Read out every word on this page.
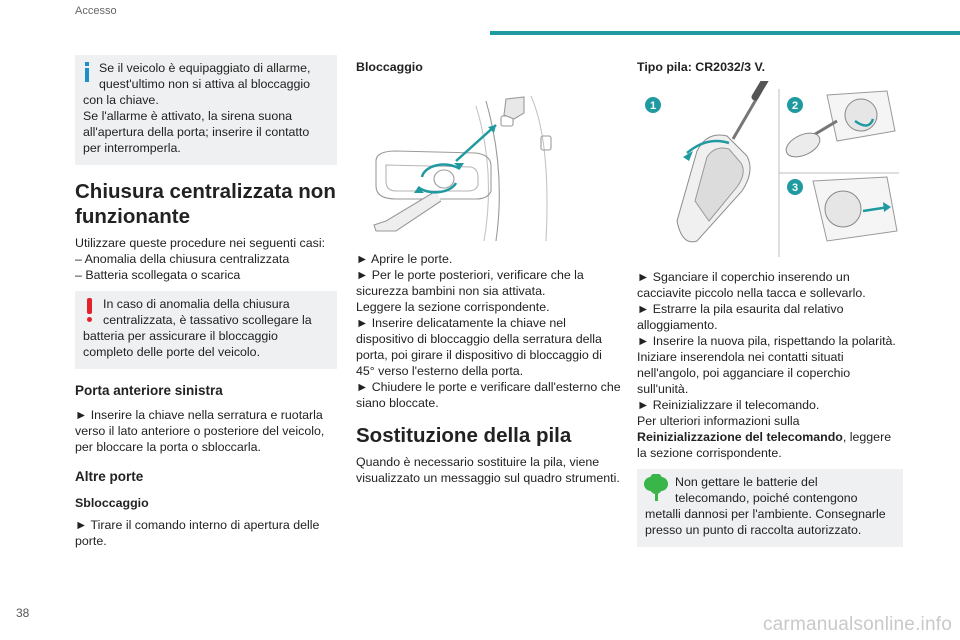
Accesso
Se il veicolo è equipaggiato di allarme, quest'ultimo non si attiva al bloccaggio con la chiave.
Se l'allarme è attivato, la sirena suona all'apertura della porta; inserire il contatto per interromperla.
Chiusura centralizzata non funzionante

Utilizzare queste procedure nei seguenti casi:
– Anomalia della chiusura centralizzata
– Batteria scollegata o scarica

In caso di anomalia della chiusura centralizzata, è tassativo scollegare la batteria per assicurare il bloccaggio completo delle porte del veicolo.
Porta anteriore sinistra

► Inserire la chiave nella serratura e ruotarla verso il lato anteriore o posteriore del veicolo, per bloccare la porta o sbloccarla.

Altre porte
Sbloccaggio

► Tirare il comando interno di apertura delle porte.

Bloccaggio

► Aprire le porte.
► Per le porte posteriori, verificare che la sicurezza bambini non sia attivata.
Leggere la sezione corrispondente.
► Inserire delicatamente la chiave nel dispositivo di bloccaggio della serratura della porta, poi girare il dispositivo di bloccaggio di 45° verso l'esterno della porta.
► Chiudere le porte e verificare dall'esterno che siano bloccate.

Sostituzione della pila

Quando è necessario sostituire la pila, viene visualizzato un messaggio sul quadro strumenti.

Tipo pila: CR2032/3 V.
1	2
3

► Sganciare il coperchio inserendo un cacciavite piccolo nella tacca e sollevarlo.
► Estrarre la pila esaurita dal relativo alloggiamento.
► Inserire la nuova pila, rispettando la polarità. Iniziare inserendola nei contatti situati nell'angolo, poi agganciare il coperchio sull'unità.
► Reinizializzare il telecomando.
Per ulteriori informazioni sulla Reinizializzazione del telecomando, leggere la sezione corrispondente.

Non gettare le batterie del telecomando, poiché contengono metalli dannosi per l'ambiente. Consegnarle presso un punto di raccolta autorizzato.
38
carmanualsonline.info
